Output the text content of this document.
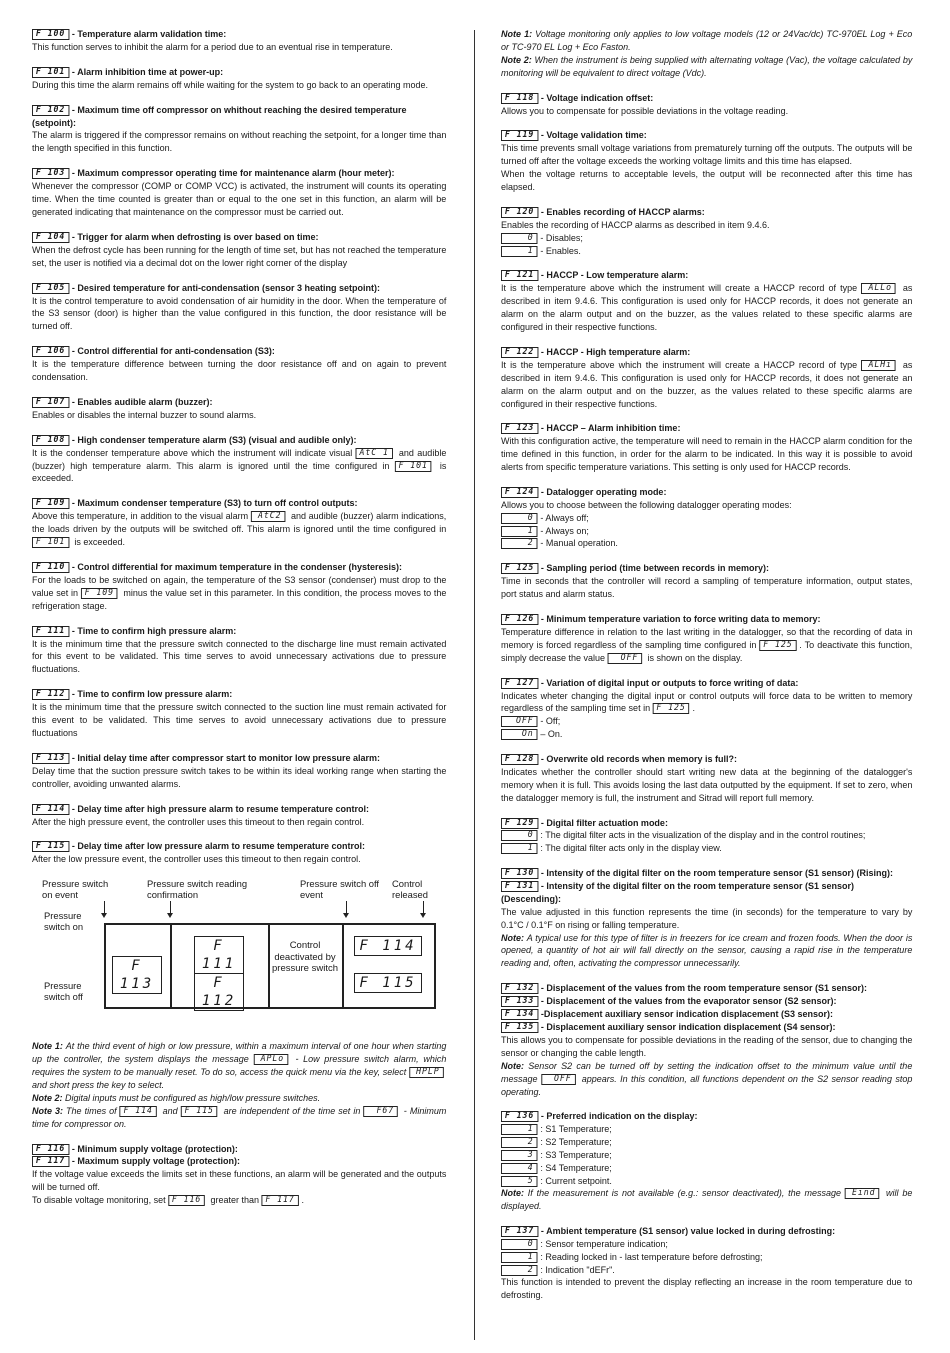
F 100 - Temperature alarm validation time:
This function serves to inhibit the alarm for a period due to an eventual rise in temperature.
F 101 - Alarm inhibition time at power-up:
During this time the alarm remains off while waiting for the system to go back to an operating mode.
F 102 - Maximum time off compressor on whithout reaching the desired temperature (setpoint):
The alarm is triggered if the compressor remains on without reaching the setpoint, for a longer time than the length specified in this function.
F 103 - Maximum compressor operating time for maintenance alarm (hour meter):
Whenever the compressor (COMP or COMP VCC) is activated, the instrument will counts its operating time. When the time counted is greater than or equal to the one set in this function, an alarm will be generated indicating that maintenance on the compressor must be carried out.
F 104 - Trigger for alarm when defrosting is over based on time:
When the defrost cycle has been running for the length of time set, but has not reached the temperature set, the user is notified via a decimal dot on the lower right corner of the display
F 105 - Desired temperature for anti-condensation (sensor 3 heating setpoint):
It is the control temperature to avoid condensation of air humidity in the door. When the temperature of the S3 sensor (door) is higher than the value configured in this function, the door resistance will be turned off.
F 106 - Control differential for anti-condensation (S3):
It is the temperature difference between turning the door resistance off and on again to prevent condensation.
F 107 - Enables audible alarm (buzzer):
Enables or disables the internal buzzer to sound alarms.
F 108 - High condenser temperature alarm (S3) (visual and audible only):
It is the condenser temperature above which the instrument will indicate visual AtC 1 and audible (buzzer) high temperature alarm. This alarm is ignored until the time configured in F 101 is exceeded.
F 109 - Maximum condenser temperature (S3) to turn off control outputs:
Above this temperature, in addition to the visual alarm AtC2 and audible (buzzer) alarm indications, the loads driven by the outputs will be switched off. This alarm is ignored until the time configured in F 101 is exceeded.
F 110 - Control differential for maximum temperature in the condenser (hysteresis):
For the loads to be switched on again, the temperature of the S3 sensor (condenser) must drop to the value set in F 109 minus the value set in this parameter. In this condition, the process moves to the refrigeration stage.
F 111 - Time to confirm high pressure alarm:
It is the minimum time that the pressure switch connected to the discharge line must remain activated for this event to be validated. This time serves to avoid unnecessary activations due to pressure fluctuations.
F 112 - Time to confirm low pressure alarm:
It is the minimum time that the pressure switch connected to the suction line must remain activated for this event to be validated. This time serves to avoid unnecessary activations due to pressure fluctuations
F 113 - Initial delay time after compressor start to monitor low pressure alarm:
Delay time that the suction pressure switch takes to be within its ideal working range when starting the controller, avoiding unwanted alarms.
F 114 - Delay time after high pressure alarm to resume temperature control:
After the high pressure event, the controller uses this timeout to then regain control.
F 115 - Delay time after low pressure alarm to resume temperature control:
After the low pressure event, the controller uses this timeout to then regain control.
Pressure switch on event
Pressure switch reading confirmation
Pressure switch off event
Control released
Pressure switch on
Pressure switch off
F 113
F 111
F 112
F 114
F 115
Control deactivated by pressure switch
Note 1: At the third event of high or low pressure, within a maximum interval of one hour when starting up the controller, the system displays the message APLo - Low pressure switch alarm, which requires the system to be manually reset. To do so, access the quick menu via the key, select HPLP and short press the key to select.
Note 2: Digital inputs must be configured as high/low pressure switches.
Note 3: The times of F 114 and F 115 are independent of the time set in F67 - Minimum time for compressor on.
F 116 - Minimum supply voltage (protection):
F 117 - Maximum supply voltage (protection):
If the voltage value exceeds the limits set in these functions, an alarm will be generated and the outputs will be turned off.
To disable voltage monitoring, set F 116 greater than F 117 .
Note 1: Voltage monitoring only applies to low voltage models (12 or 24Vac/dc) TC-970EL Log + Eco or TC-970 EL Log + Eco Faston.
Note 2: When the instrument is being supplied with alternating voltage (Vac), the voltage calculated by monitoring will be equivalent to direct voltage (Vdc).
F 118 - Voltage indication offset:
Allows you to compensate for possible deviations in the voltage reading.
F 119 - Voltage validation time:
This time prevents small voltage variations from prematurely turning off the outputs. The outputs will be turned off after the voltage exceeds the working voltage limits and this time has elapsed.
When the voltage returns to acceptable levels, the output will be reconnected after this time has elapsed.
F 120 - Enables recording of HACCP alarms:
Enables the recording of HACCP alarms as described in item 9.4.6.
0 - Disables;
1 - Enables.
F 121 - HACCP - Low temperature alarm:
It is the temperature above which the instrument will create a HACCP record of type ALLo as described in item 9.4.6. This configuration is used only for HACCP records, it does not generate an alarm on the alarm output and on the buzzer, as the values related to these specific alarms are configured in their respective functions.
F 122 - HACCP - High temperature alarm:
It is the temperature above which the instrument will create a HACCP record of type ALHi as described in item 9.4.6. This configuration is used only for HACCP records, it does not generate an alarm on the alarm output and on the buzzer, as the values related to these specific alarms are configured in their respective functions.
F 123 - HACCP – Alarm inhibition time:
With this configuration active, the temperature will need to remain in the HACCP alarm condition for the time defined in this function, in order for the alarm to be indicated. In this way it is possible to avoid alerts from specific temperature variations. This setting is only used for HACCP records.
F 124 - Datalogger operating mode:
Allows you to choose between the following datalogger operating modes:
0 - Always off;
1 - Always on;
2 - Manual operation.
F 125 - Sampling period (time between records in memory):
Time in seconds that the controller will record a sampling of temperature information, output states, port status and alarm status.
F 126 - Minimum temperature variation to force writing data to memory:
Temperature difference in relation to the last writing in the datalogger, so that the recording of data in memory is forced regardless of the sampling time configured in F 125 . To deactivate this function, simply decrease the value OFF is shown on the display.
F 127 - Variation of digital input or outputs to force writing of data:
Indicates wheter changing the digital input or control outputs will force data to be written to memory regardless of the sampling time set in F 125 .
OFF - Off;
On – On.
F 128 - Overwrite old records when memory is full?:
Indicates whether the controller should start writing new data at the beginning of the datalogger's memory when it is full. This avoids losing the last data outputted by the equipment. If set to zero, when the datalogger memory is full, the instrument and Sitrad will report full memory.
F 129 - Digital filter actuation mode:
0 : The digital filter acts in the visualization of the display and in the control routines;
1 : The digital filter acts only in the display view.
F 130 - Intensity of the digital filter on the room temperature sensor (S1 sensor) (Rising):
F 131 - Intensity of the digital filter on the room temperature sensor (S1 sensor) (Descending):
The value adjusted in this function represents the time (in seconds) for the temperature to vary by 0.1°C / 0.1°F on rising or falling temperature.
Note: A typical use for this type of filter is in freezers for ice cream and frozen foods. When the door is opened, a quantity of hot air will fall directly on the sensor, causing a rapid rise in the temperature reading and, often, activating the compressor unnecessarily.
F 132 - Displacement of the values from the room temperature sensor (S1 sensor):
F 133 - Displacement of the values from the evaporator sensor (S2 sensor):
F 134 -Displacement auxiliary sensor indication displacement (S3 sensor):
F 135 - Displacement auxiliary sensor indication displacement (S4 sensor):
This allows you to compensate for possible deviations in the reading of the sensor, due to changing the sensor or changing the cable length.
Note: Sensor S2 can be turned off by setting the indication offset to the minimum value until the message OFF appears. In this condition, all functions dependent on the S2 sensor reading stop operating.
F 136 - Preferred indication on the display:
1 : S1 Temperature;
2 : S2 Temperature;
3 : S3 Temperature;
4 : S4 Temperature;
5 : Current setpoint.
Note: If the measurement is not available (e.g.: sensor deactivated), the message Eind will be displayed.
F 137 - Ambient temperature (S1 sensor) value locked in during defrosting:
0 : Sensor temperature indication;
1 : Reading locked in - last temperature before defrosting;
2 : Indication "dEFr".
This function is intended to prevent the display reflecting an increase in the room temperature due to defrosting.
